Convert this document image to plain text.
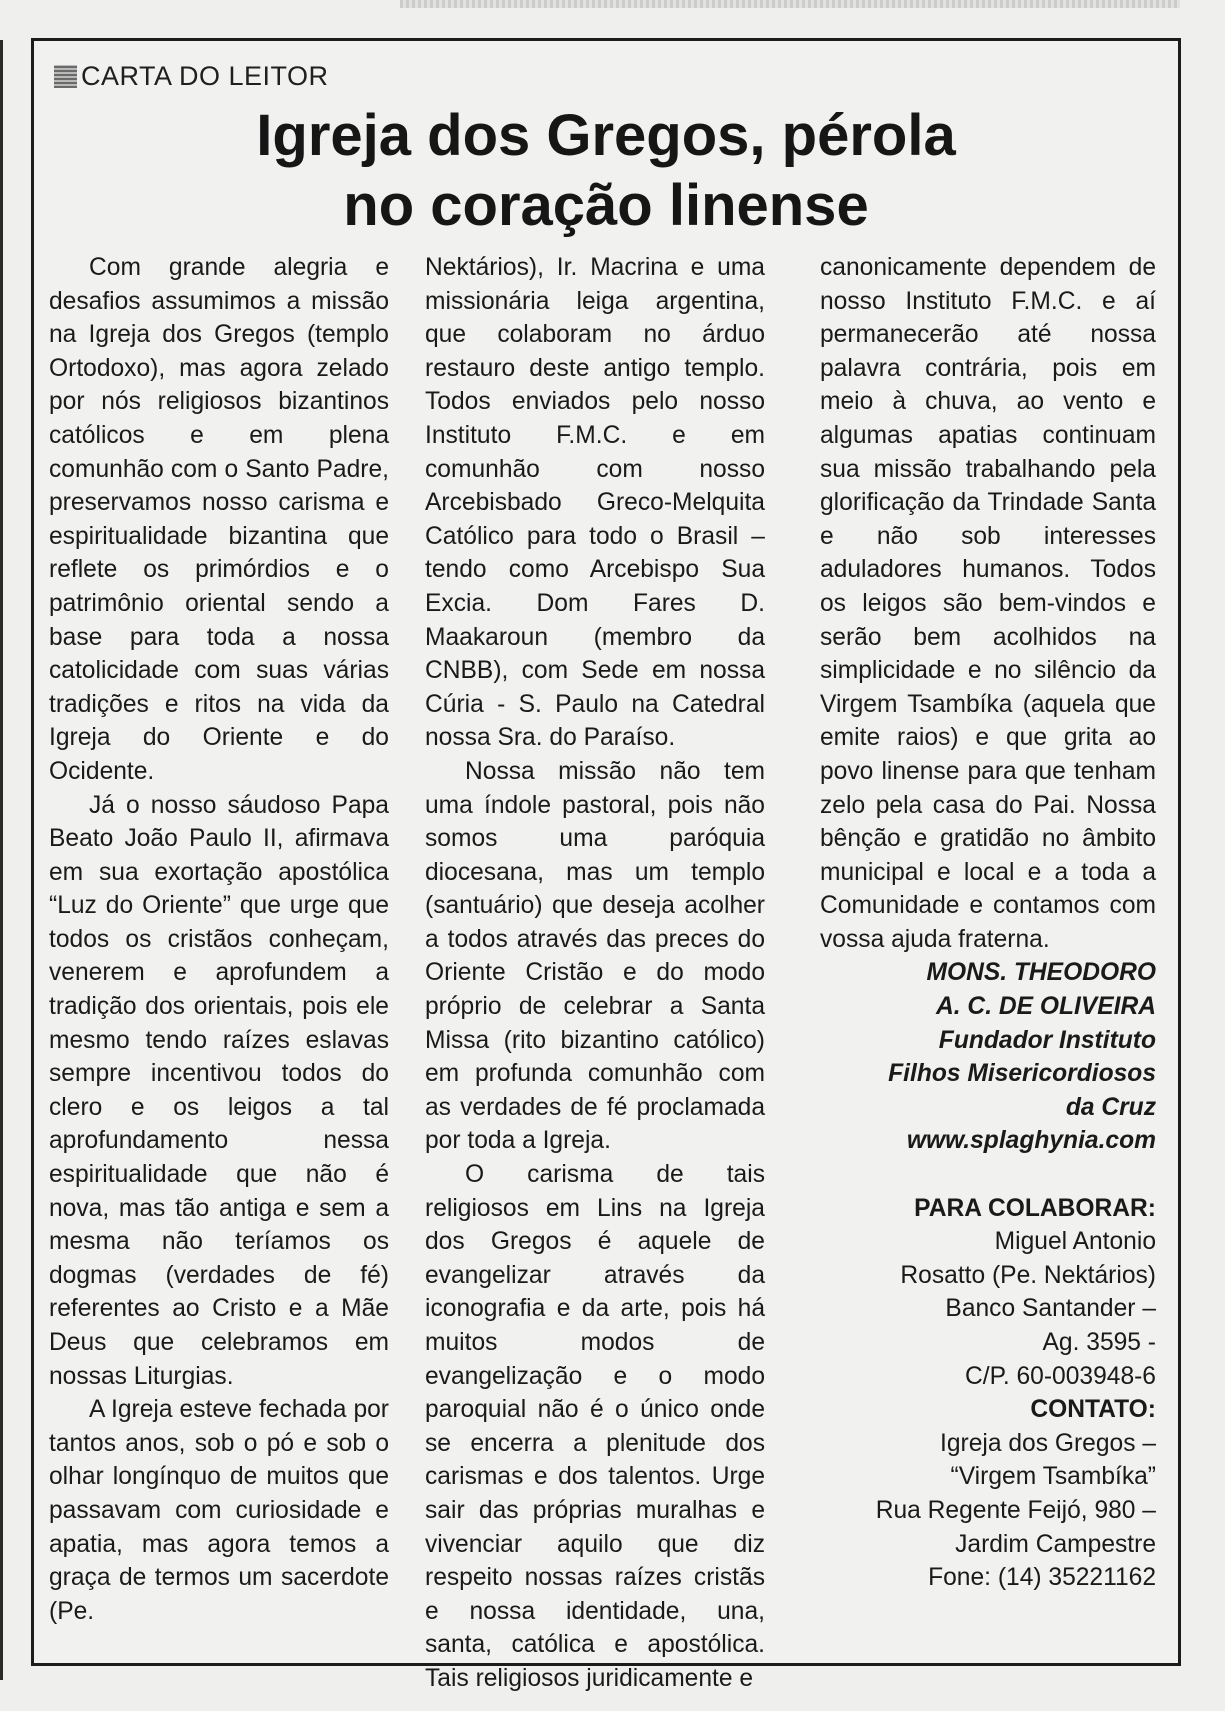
CARTA DO LEITOR
Igreja dos Gregos, pérola
no coração linense

Com grande alegria e desafios assumimos a missão na Igreja dos Gregos (templo Ortodoxo), mas agora zelado por nós religiosos bizantinos católicos e em plena comunhão com o Santo Padre, preservamos nosso carisma e espiritualidade bizantina que reflete os primórdios e o patrimônio oriental sendo a base para toda a nossa catolicidade com suas várias tradições e ritos na vida da Igreja do Oriente e do Ocidente.

Já o nosso sáudoso Papa Beato João Paulo II, afirmava em sua exortação apostólica “Luz do Oriente” que urge que todos os cristãos conheçam, venerem e aprofundem a tradição dos orientais, pois ele mesmo tendo raízes eslavas sempre incentivou todos do clero e os leigos a tal aprofundamento nessa espiritualidade que não é nova, mas tão antiga e sem a mesma não teríamos os dogmas (verdades de fé) referentes ao Cristo e a Mãe Deus que celebramos em nossas Liturgias.

A Igreja esteve fechada por tantos anos, sob o pó e sob o olhar longínquo de muitos que passavam com curiosidade e apatia, mas agora temos a graça de termos um sacerdote (Pe.

Nektários), Ir. Macrina e uma missionária leiga argentina, que colaboram no árduo restauro deste antigo templo. Todos enviados pelo nosso Instituto F.M.C. e em comunhão com nosso Arcebisbado Greco-Melquita Católico para todo o Brasil – tendo como Arcebispo Sua Excia. Dom Fares D. Maakaroun (membro da CNBB), com Sede em nossa Cúria - S. Paulo na Catedral nossa Sra. do Paraíso.

Nossa missão não tem uma índole pastoral, pois não somos uma paróquia diocesana, mas um templo (santuário) que deseja acolher a todos através das preces do Oriente Cristão e do modo próprio de celebrar a Santa Missa (rito bizantino católico) em profunda comunhão com as verdades de fé proclamada por toda a Igreja.

O carisma de tais religiosos em Lins na Igreja dos Gregos é aquele de evangelizar através da iconografia e da arte, pois há muitos modos de evangelização e o modo paroquial não é o único onde se encerra a plenitude dos carismas e dos talentos. Urge sair das próprias muralhas e vivenciar aquilo que diz respeito nossas raízes cristãs e nossa identidade, una, santa, católica e apostólica. Tais religiosos juridicamente e

canonicamente dependem de nosso Instituto F.M.C. e aí permanecerão até nossa palavra contrária, pois em meio à chuva, ao vento e algumas apatias continuam sua missão trabalhando pela glorificação da Trindade Santa e não sob interesses aduladores humanos. Todos os leigos são bem-vindos e serão bem acolhidos na simplicidade e no silêncio da Virgem Tsambíka (aquela que emite raios) e que grita ao povo linense para que tenham zelo pela casa do Pai. Nossa bênção e gratidão no âmbito municipal e local e a toda a Comunidade e contamos com vossa ajuda fraterna.

MONS. THEODORO
A. C. DE OLIVEIRA
Fundador Instituto
Filhos Misericordiosos
da Cruz
www.splaghynia.com
PARA COLABORAR:
Miguel Antonio
Rosatto (Pe. Nektários)
Banco Santander –
Ag. 3595 -
C/P. 60-003948-6
CONTATO:
Igreja dos Gregos –
“Virgem Tsambíka”
Rua Regente Feijó, 980 –
Jardim Campestre
Fone: (14) 35221162
